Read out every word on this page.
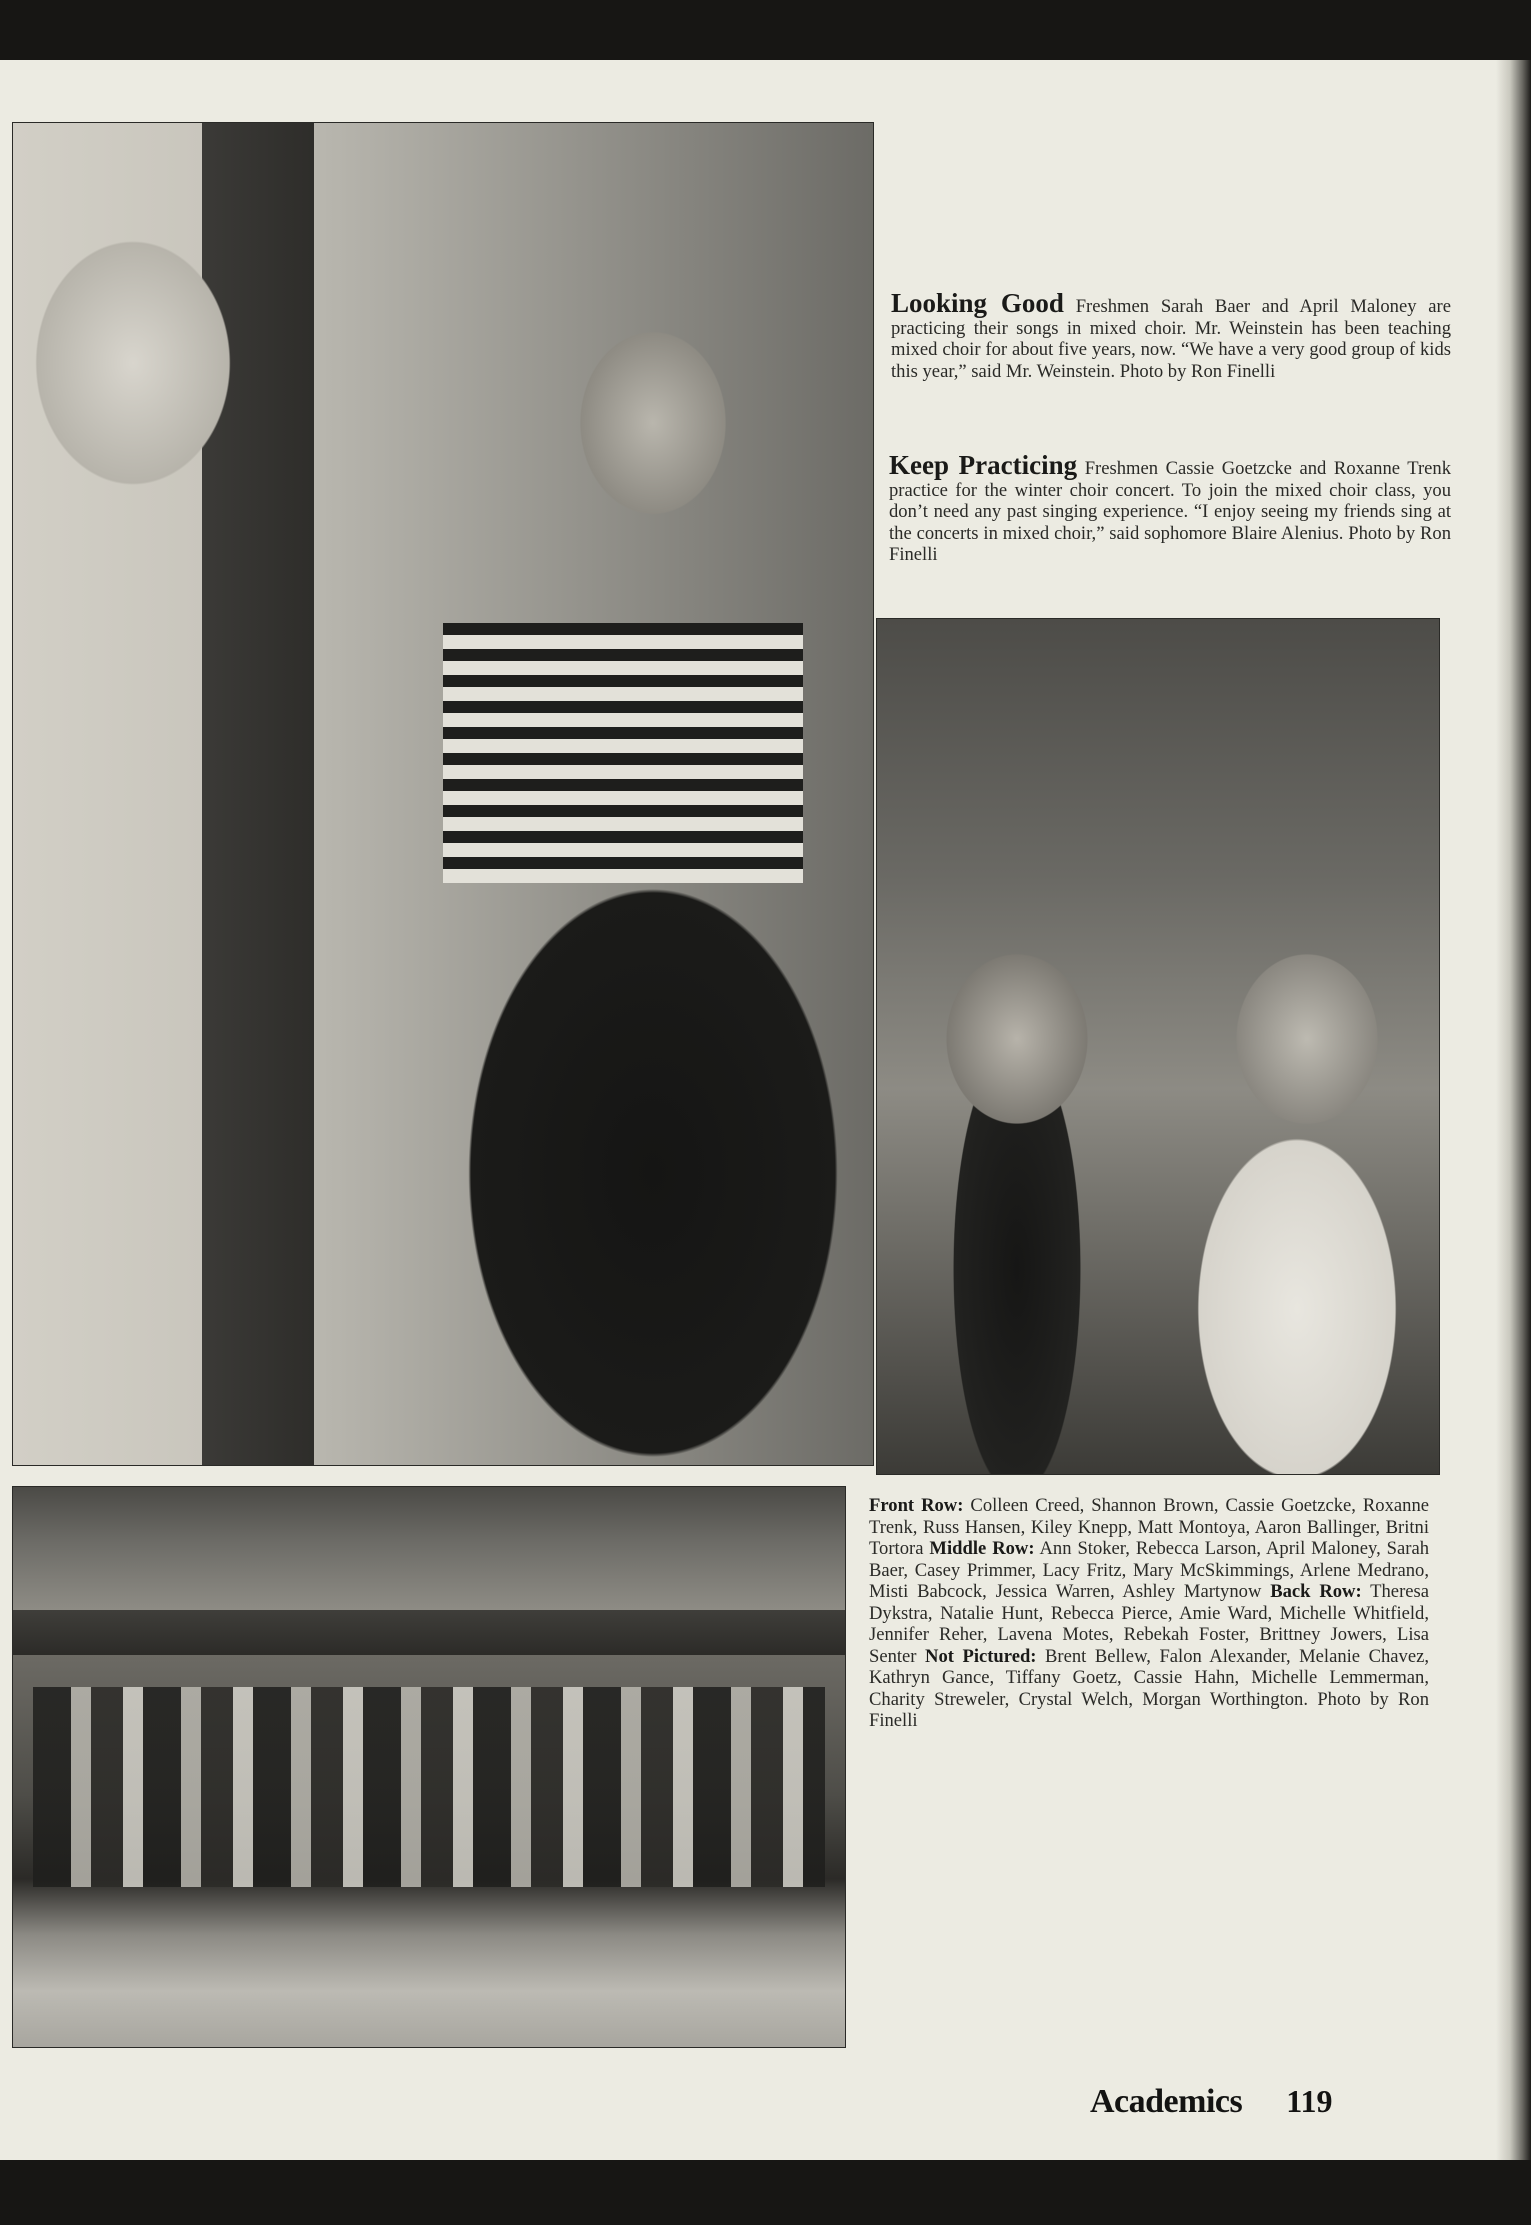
Looking Good Freshmen Sarah Baer and April Maloney are practicing their songs in mixed choir. Mr. Weinstein has been teaching mixed choir for about five years, now. “We have a very good group of kids this year,” said Mr. Weinstein. Photo by Ron Finelli
Keep Practicing Freshmen Cassie Goetzcke and Roxanne Trenk practice for the winter choir concert. To join the mixed choir class, you don’t need any past singing experience. “I enjoy seeing my friends sing at the concerts in mixed choir,” said sophomore Blaire Alenius. Photo by Ron Finelli
Front Row: Colleen Creed, Shannon Brown, Cassie Goetzcke, Roxanne Trenk, Russ Hansen, Kiley Knepp, Matt Montoya, Aaron Ballinger, Britni Tortora Middle Row: Ann Stoker, Rebecca Larson, April Maloney, Sarah Baer, Casey Primmer, Lacy Fritz, Mary McSkimmings, Arlene Medrano, Misti Babcock, Jessica Warren, Ashley Martynow Back Row: Theresa Dykstra, Natalie Hunt, Rebecca Pierce, Amie Ward, Michelle Whitfield, Jennifer Reher, Lavena Motes, Rebekah Foster, Brittney Jowers, Lisa Senter Not Pictured: Brent Bellew, Falon Alexander, Melanie Chavez, Kathryn Gance, Tiffany Goetz, Cassie Hahn, Michelle Lemmerman, Charity Streweler, Crystal Welch, Morgan Worthington. Photo by Ron Finelli
Academics 119
